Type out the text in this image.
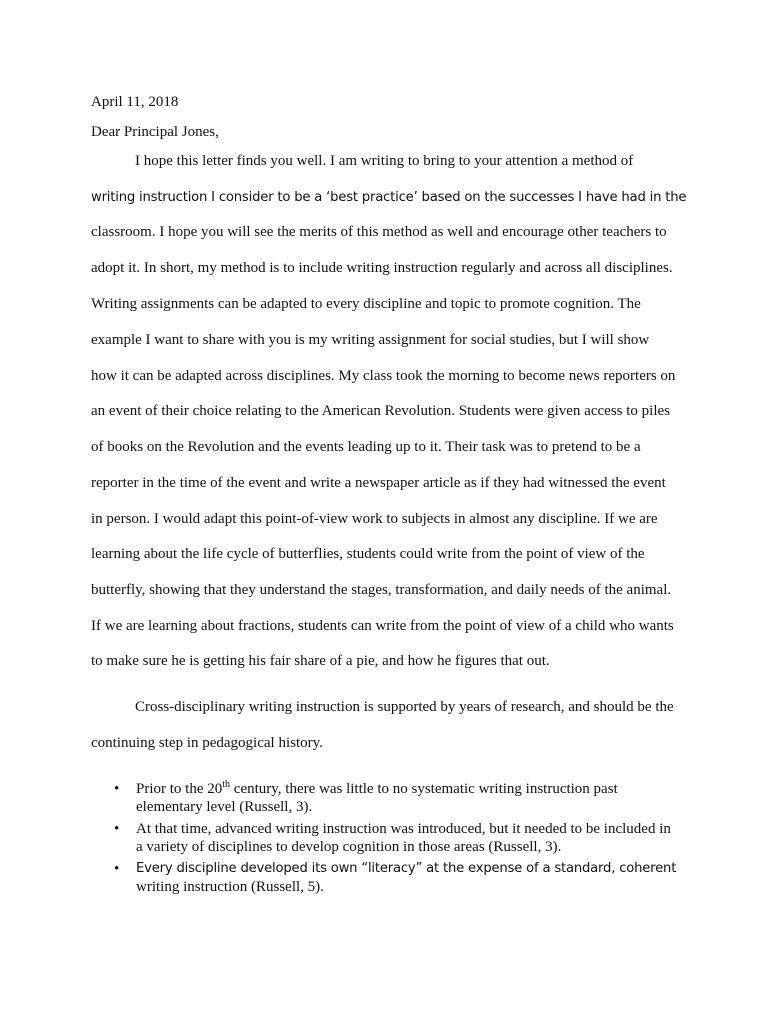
April 11, 2018
Dear Principal Jones,
I hope this letter finds you well. I am writing to bring to your attention a method of
writing instruction I consider to be a ‘best practice’ based on the successes I have had in the
classroom. I hope you will see the merits of this method as well and encourage other teachers to
adopt it. In short, my method is to include writing instruction regularly and across all disciplines.
Writing assignments can be adapted to every discipline and topic to promote cognition. The
example I want to share with you is my writing assignment for social studies, but I will show
how it can be adapted across disciplines. My class took the morning to become news reporters on
an event of their choice relating to the American Revolution. Students were given access to piles
of books on the Revolution and the events leading up to it. Their task was to pretend to be a
reporter in the time of the event and write a newspaper article as if they had witnessed the event
in person. I would adapt this point-of-view work to subjects in almost any discipline. If we are
learning about the life cycle of butterflies, students could write from the point of view of the
butterfly, showing that they understand the stages, transformation, and daily needs of the animal.
If we are learning about fractions, students can write from the point of view of a child who wants
to make sure he is getting his fair share of a pie, and how he figures that out.
Cross-disciplinary writing instruction is supported by years of research, and should be the
continuing step in pedagogical history.
• Prior to the 20th century, there was little to no systematic writing instruction past
elementary level (Russell, 3).
• At that time, advanced writing instruction was introduced, but it needed to be included in
a variety of disciplines to develop cognition in those areas (Russell, 3).
• Every discipline developed its own “literacy” at the expense of a standard, coherent
writing instruction (Russell, 5).
